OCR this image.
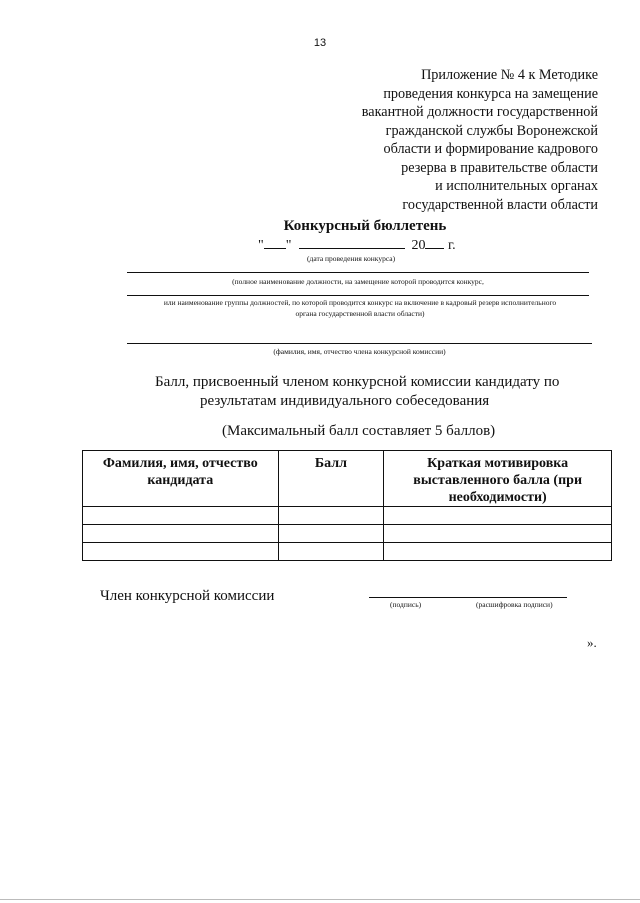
13
Приложение № 4 к Методике
проведения конкурса на замещение
вакантной должности государственной
гражданской службы Воронежской
области и формирование кадрового
резерва в правительстве области
и исполнительных органах
государственной власти области
Конкурсный бюллетень
" "	20 г.
(дата проведения конкурса)
(полное наименование должности, на замещение которой проводится конкурс,
или наименование группы должностей, по которой проводится конкурс на включение в кадровый резерв исполнительного
органа государственной власти области)
(фамилия, имя, отчество члена конкурсной комиссии)
Балл, присвоенный членом конкурсной комиссии кандидату по
результатам индивидуального собеседования
(Максимальный балл составляет 5 баллов)
Фамилия, имя, отчество кандидата	Балл	Краткая мотивировка выставленного балла (при необходимости)

Член конкурсной комиссии
(подпись)	(расшифровка подписи)
».
